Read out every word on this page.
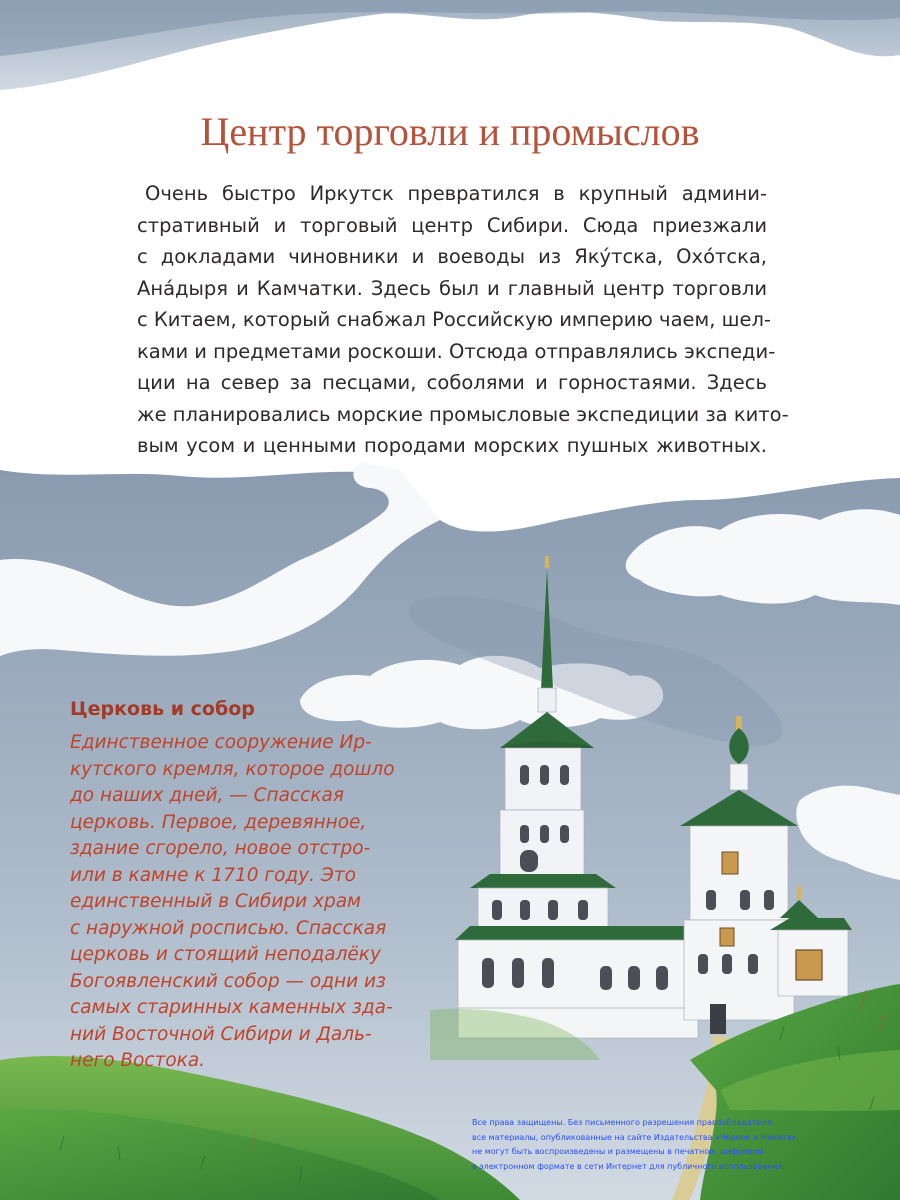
Центр торговли и промыслов

Очень быстро Иркутск превратился в крупный админи-

стративный и торговый центр Сибири. Сюда приезжали

с докладами чиновники и воеводы из Яку́тска, Охо́тска,

Ана́дыря и Камчатки. Здесь был и главный центр торговли

с Китаем, который снабжал Российскую империю чаем, шел-

ками и предметами роскоши. Отсюда отправлялись экспеди-

ции на север за песцами, соболями и горностаями. Здесь

же планировались морские промысловые экспедиции за кито-

вым усом и ценными породами морских пушных животных.

Церковь и собор

Единственное сооружение Ир-

кутского кремля, которое дошло

до наших дней, — Спасская

церковь. Первое, деревянное,

здание сгорело, новое отстро-

или в камне к 1710 году. Это

единственный в Сибири храм

с наружной росписью. Спасская

церковь и стоящий неподалёку

Богоявленский собор — одни из

самых старинных каменных зда-

ний Восточной Сибири и Даль-

него Востока.

Все права защищены. Без письменного разрешения правообладателя

все материалы, опубликованные на сайте Издательства «Черное и Никита»,

не могут быть воспроизведены и размещены в печатном, цифровом

в электронном формате в сети Интернет для публичного использования.
